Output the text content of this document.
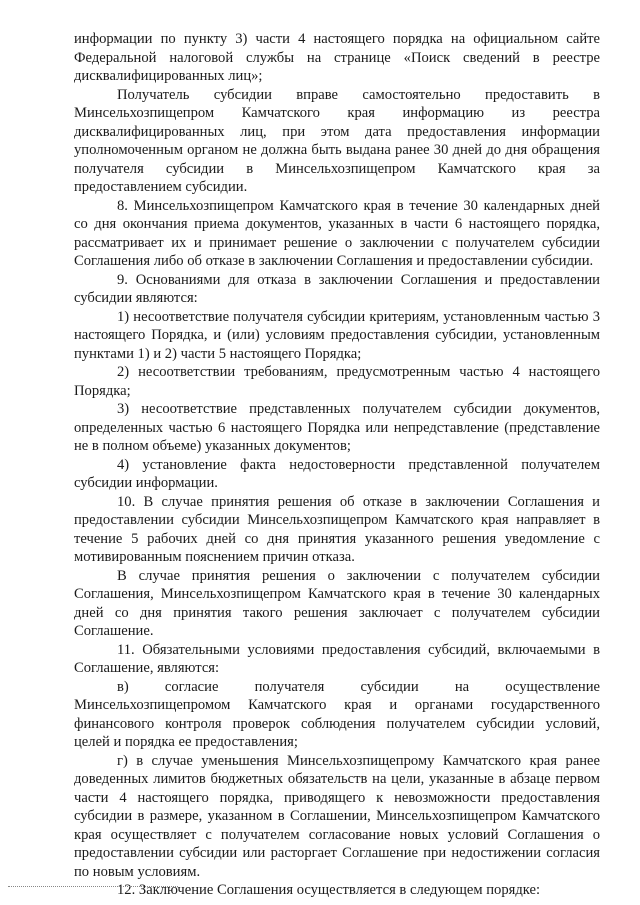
информации по пункту 3) части 4 настоящего порядка на официальном сайте
Федеральной налоговой службы на странице «Поиск сведений в реестре
дисквалифицированных лиц»;
Получатель субсидии вправе самостоятельно предоставить в
Минсельхозпищепром Камчатского края информацию из реестра
дисквалифицированных лиц, при этом дата предоставления информации
уполномоченным органом не должна быть выдана ранее 30 дней до дня обращения
получателя субсидии в Минсельхозпищепром Камчатского края за
предоставлением субсидии.
8. Минсельхозпищепром Камчатского края в течение 30 календарных дней
со дня окончания приема документов, указанных в части 6 настоящего порядка,
рассматривает их и принимает решение о заключении с получателем субсидии
Соглашения либо об отказе в заключении Соглашения и предоставлении субсидии.
9. Основаниями для отказа в заключении Соглашения и предоставлении
субсидии являются:
1) несоответствие получателя субсидии критериям, установленным частью 3
настоящего Порядка, и (или) условиям предоставления субсидии, установленным
пунктами 1) и 2) части 5 настоящего Порядка;
2) несоответствии требованиям, предусмотренным частью 4 настоящего
Порядка;
3) несоответствие представленных получателем субсидии документов,
определенных частью 6 настоящего Порядка или непредставление (представление
не в полном объеме) указанных документов;
4) установление факта недостоверности представленной получателем
субсидии информации.
10. В случае принятия решения об отказе в заключении Соглашения и
предоставлении субсидии Минсельхозпищепром Камчатского края направляет в
течение 5 рабочих дней со дня принятия указанного решения уведомление с
мотивированным пояснением причин отказа.
В случае принятия решения о заключении с получателем субсидии
Соглашения, Минсельхозпищепром Камчатского края в течение 30 календарных
дней со дня принятия такого решения заключает с получателем субсидии
Соглашение.
11. Обязательными условиями предоставления субсидий, включаемыми в
Соглашение, являются:
в) согласие получателя субсидии на осуществление
Минсельхозпищепромом Камчатского края и органами государственного
финансового контроля проверок соблюдения получателем субсидии условий,
целей и порядка ее предоставления;
г) в случае уменьшения Минсельхозпищепрому Камчатского края ранее
доведенных лимитов бюджетных обязательств на цели, указанные в абзаце первом
части 4 настоящего порядка, приводящего к невозможности предоставления
субсидии в размере, указанном в Соглашении, Минсельхозпищепром Камчатского
края осуществляет с получателем согласование новых условий Соглашения о
предоставлении субсидии или расторгает Соглашение при недостижении согласия
по новым условиям.
12. Заключение Соглашения осуществляется в следующем порядке:
